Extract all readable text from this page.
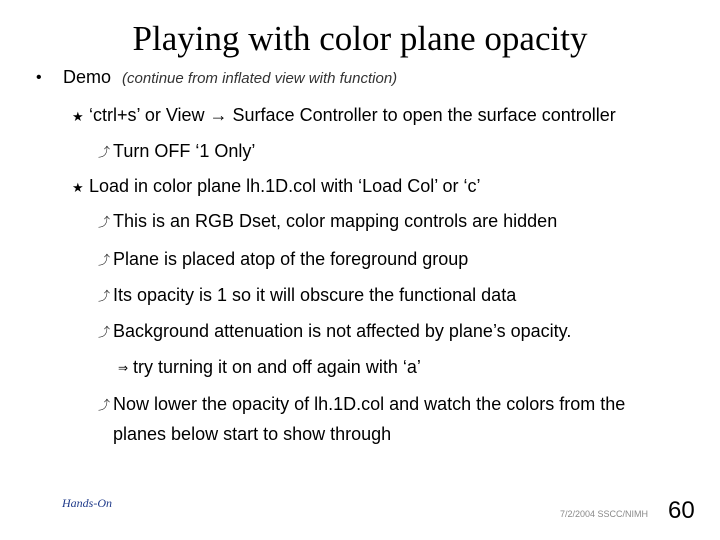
Playing with color plane opacity
• Demo (continue from inflated view with function)
★ ‘ctrl+s’ or View → Surface Controller to open the surface controller
⤴ Turn OFF ‘1 Only’
★ Load in color plane lh.1D.col with ‘Load Col’ or ‘c’
⤴ This is an RGB Dset, color mapping controls are hidden
⤴ Plane is placed atop of the foreground group
⤴ Its opacity is 1 so it will obscure the functional data
⤴ Background attenuation is not affected by plane’s opacity.
⇒ try turning it on and off again with ‘a’
⤴ Now lower the opacity of lh.1D.col and watch the colors from the
planes below start to show through
Hands-On
7/2/2004 SSCC/NIMH 60
